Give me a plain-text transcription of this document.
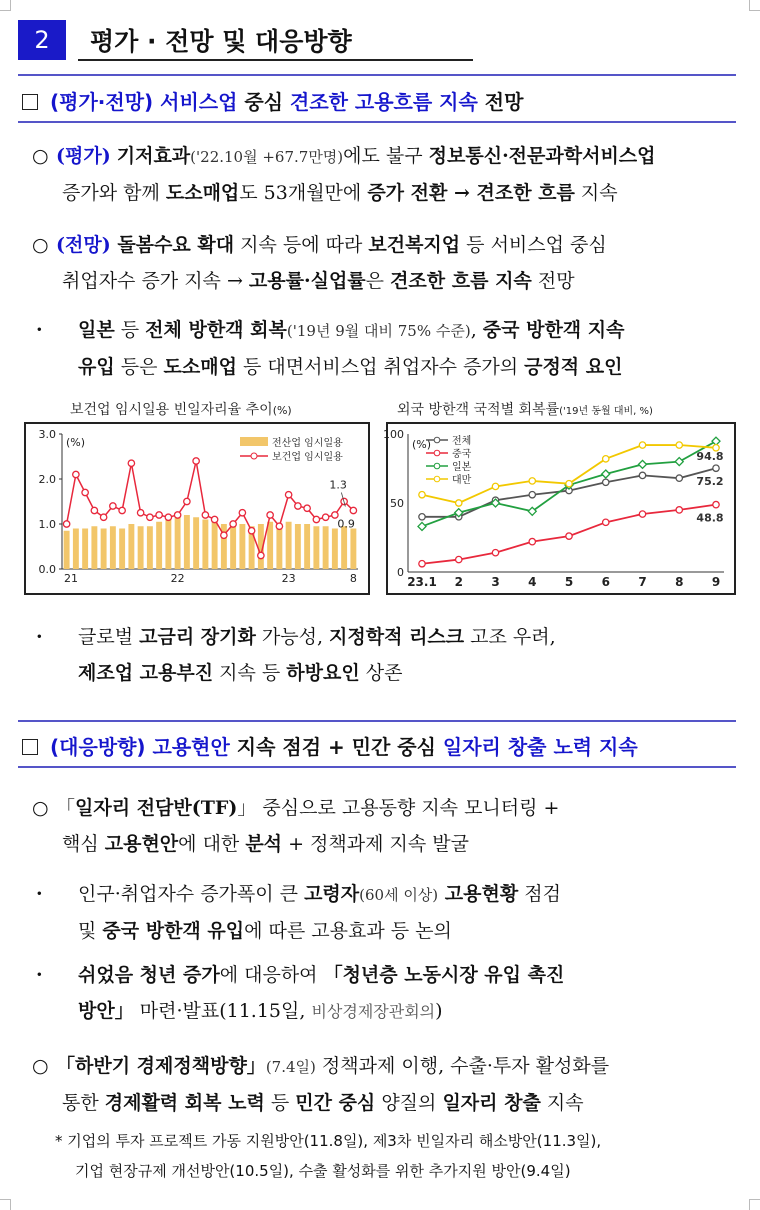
2	평가 · 전망 및 대응방향
(평가·전망) 서비스업 중심 견조한 고용흐름 지속 전망
○ (평가) 기저효과('22.10월 +67.7만명)에도 불구 정보통신·전문과학서비스업
증가와 함께 도소매업도 53개월만에 증가 전환 → 견조한 흐름 지속
○ (전망) 돌봄수요 확대 지속 등에 따라 보건복지업 등 서비스업 중심
취업자수 증가 지속 → 고용률·실업률은 견조한 흐름 지속 전망
· 일본 등 전체 방한객 회복('19년 9월 대비 75% 수준), 중국 방한객 지속
유입 등은 도소매업 등 대면서비스업 취업자수 증가의 긍정적 요인
보건업 임시일용 빈일자리율 추이(%)
0.0
1.0
2.0
3.0
(%)
21	22	23	8
전산업 임시일용
보건업 임시일용
1.3
0.9
외국 방한객 국적별 회복률('19년 동월 대비, %)
0
50
100
(%)
23.1 2 3 4 5 6 7 8 9
전체
중국
일본
대만
94.8
75.2
48.8
· 글로벌 고금리 장기화 가능성, 지정학적 리스크 고조 우려,
제조업 고용부진 지속 등 하방요인 상존
(대응방향) 고용현안 지속 점검 + 민간 중심 일자리 창출 노력 지속
○ 「일자리 전담반(TF)」 중심으로 고용동향 지속 모니터링 +
핵심 고용현안에 대한 분석 + 정책과제 지속 발굴
· 인구·취업자수 증가폭이 큰 고령자(60세 이상) 고용현황 점검
및 중국 방한객 유입에 따른 고용효과 등 논의
· 쉬었음 청년 증가에 대응하여 「청년층 노동시장 유입 촉진
방안」 마련·발표(11.15일, 비상경제장관회의)
○ 「하반기 경제정책방향」(7.4일) 정책과제 이행, 수출·투자 활성화를
통한 경제활력 회복 노력 등 민간 중심 양질의 일자리 창출 지속
* 기업의 투자 프로젝트 가동 지원방안(11.8일), 제3차 빈일자리 해소방안(11.3일),
기업 현장규제 개선방안(10.5일), 수출 활성화를 위한 추가지원 방안(9.4일)
